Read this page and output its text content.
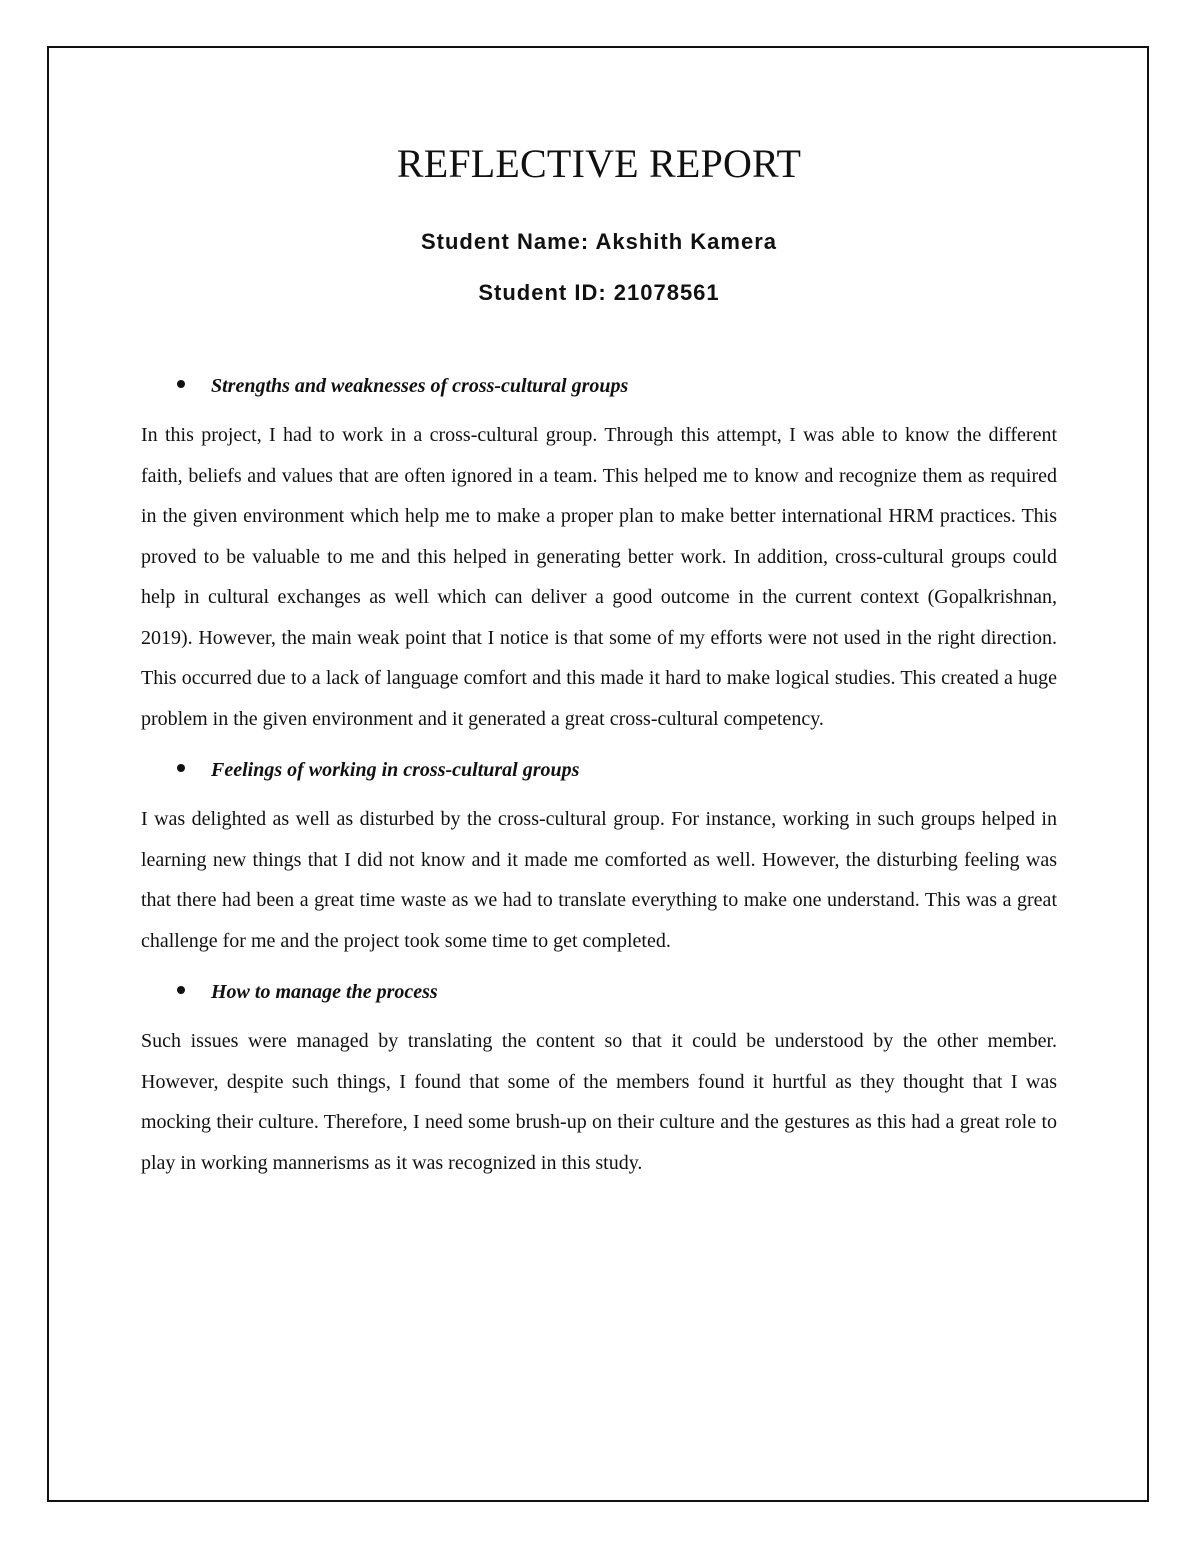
REFLECTIVE REPORT

Student Name: Akshith Kamera

Student ID: 21078561

Strengths and weaknesses of cross-cultural groups

In this project, I had to work in a cross-cultural group. Through this attempt, I was able to know the different faith, beliefs and values that are often ignored in a team. This helped me to know and recognize them as required in the given environment which help me to make a proper plan to make better international HRM practices. This proved to be valuable to me and this helped in generating better work. In addition, cross-cultural groups could help in cultural exchanges as well which can deliver a good outcome in the current context (Gopalkrishnan, 2019). However, the main weak point that I notice is that some of my efforts were not used in the right direction. This occurred due to a lack of language comfort and this made it hard to make logical studies. This created a huge problem in the given environment and it generated a great cross-cultural competency.

Feelings of working in cross-cultural groups

I was delighted as well as disturbed by the cross-cultural group. For instance, working in such groups helped in learning new things that I did not know and it made me comforted as well. However, the disturbing feeling was that there had been a great time waste as we had to translate everything to make one understand. This was a great challenge for me and the project took some time to get completed.

How to manage the process

Such issues were managed by translating the content so that it could be understood by the other member. However, despite such things, I found that some of the members found it hurtful as they thought that I was mocking their culture. Therefore, I need some brush-up on their culture and the gestures as this had a great role to play in working mannerisms as it was recognized in this study.
